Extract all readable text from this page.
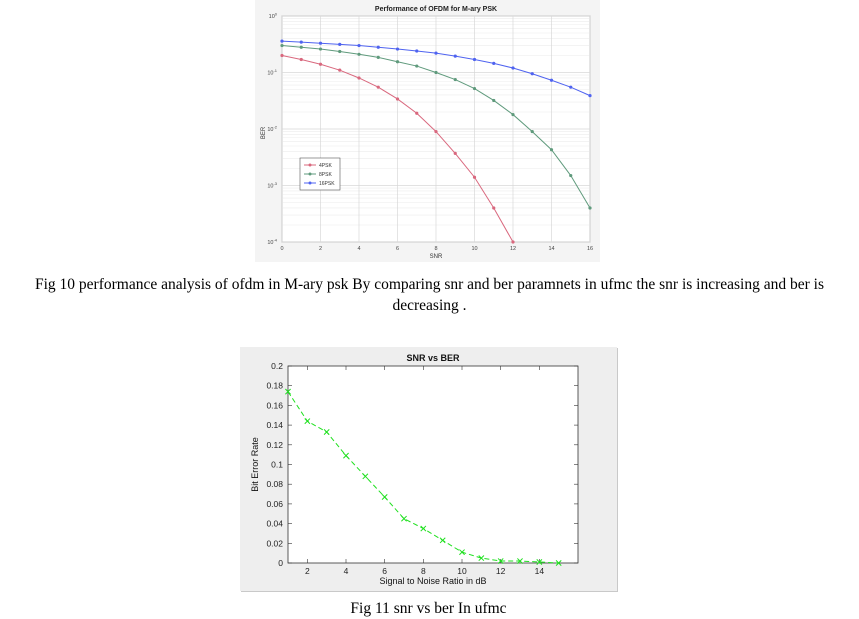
0	2	4	6	8	10	12	14	16
$10^0$
$10^{-1}$
$10^{-2}$
$10^{-3}$
$10^{-4}$
Performance of OFDM for M-ary PSK
SNR
BER
4PSK
8PSK
16PSK
Fig 10 performance analysis of ofdm in M-ary psk By comparing snr and ber paramnets in ufmc the snr is increasing and ber is
decreasing .
0
0.02
0.04
0.06
0.08
0.1
0.12
0.14
0.16
0.18
0.2
2	4	6	8	10	12	14
SNR vs BER
Signal to Noise Ratio in dB
Bit Error Rate
Fig 11 snr vs ber In ufmc
